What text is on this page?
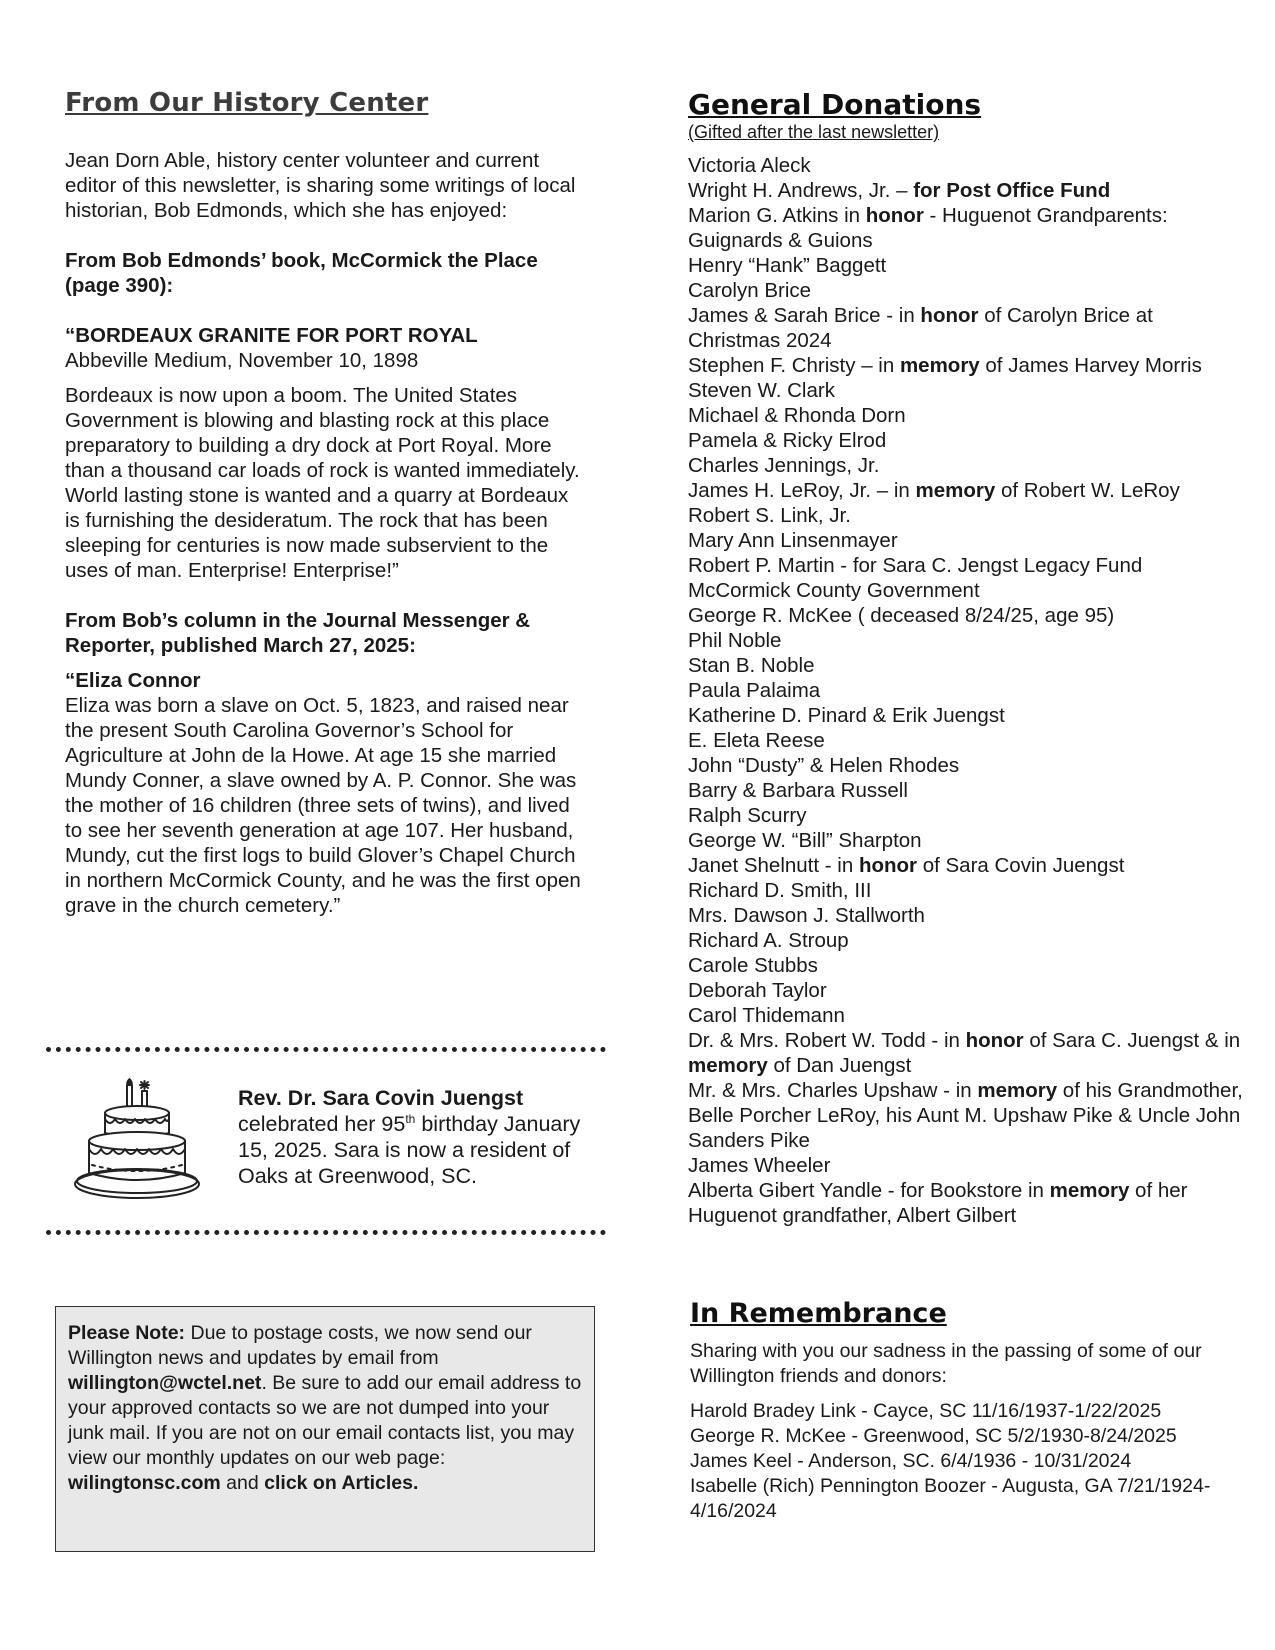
From Our History Center

Jean Dorn Able, history center volunteer and current editor of this newsletter, is sharing some writings of local historian, Bob Edmonds, which she has enjoyed:

From Bob Edmonds’ book, McCormick the Place (page 390):

“BORDEAUX GRANITE FOR PORT ROYAL

Abbeville Medium, November 10, 1898

Bordeaux is now upon a boom. The United States Government is blowing and blasting rock at this place preparatory to building a dry dock at Port Royal. More than a thousand car loads of rock is wanted immediately. World lasting stone is wanted and a quarry at Bordeaux is furnishing the desideratum. The rock that has been sleeping for centuries is now made subservient to the uses of man. Enterprise! Enterprise!”

From Bob’s column in the Journal Messenger & Reporter, published March 27, 2025:

“Eliza Connor

Eliza was born a slave on Oct. 5, 1823, and raised near the present South Carolina Governor’s School for Agriculture at John de la Howe. At age 15 she married Mundy Conner, a slave owned by A. P. Connor. She was the mother of 16 children (three sets of twins), and lived to see her seventh generation at age 107. Her husband, Mundy, cut the first logs to build Glover’s Chapel Church in northern McCormick County, and he was the first open grave in the church cemetery.”

Rev. Dr. Sara Covin Juengst

celebrated her 95th birthday January 15, 2025. Sara is now a resident of Oaks at Greenwood, SC.

Please Note: Due to postage costs, we now send our Willington news and updates by email from willington@wctel.net. Be sure to add our email address to your approved contacts so we are not dumped into your junk mail. If you are not on our email contacts list, you may view our monthly updates on our web page: wilingtonsc.com and click on Articles.

General Donations

(Gifted after the last newsletter)

Victoria Aleck
Wright H. Andrews, Jr. – for Post Office Fund
Marion G. Atkins in honor - Huguenot Grandparents: Guignards & Guions
Henry “Hank” Baggett
Carolyn Brice
James & Sarah Brice - in honor of Carolyn Brice at Christmas 2024
Stephen F. Christy – in memory of James Harvey Morris
Steven W. Clark
Michael & Rhonda Dorn
Pamela & Ricky Elrod
Charles Jennings, Jr.
James H. LeRoy, Jr. – in memory of Robert W. LeRoy
Robert S. Link, Jr.
Mary Ann Linsenmayer
Robert P. Martin - for Sara C. Jengst Legacy Fund
McCormick County Government
George R. McKee ( deceased 8/24/25, age 95)
Phil Noble
Stan B. Noble
Paula Palaima
Katherine D. Pinard & Erik Juengst
E. Eleta Reese
John “Dusty” & Helen Rhodes
Barry & Barbara Russell
Ralph Scurry
George W. “Bill” Sharpton
Janet Shelnutt - in honor of Sara Covin Juengst
Richard D. Smith, III
Mrs. Dawson J. Stallworth
Richard A. Stroup
Carole Stubbs
Deborah Taylor
Carol Thidemann
Dr. & Mrs. Robert W. Todd - in honor of Sara C. Juengst & in memory of Dan Juengst
Mr. & Mrs. Charles Upshaw - in memory of his Grandmother, Belle Porcher LeRoy, his Aunt M. Upshaw Pike & Uncle John Sanders Pike
James Wheeler
Alberta Gibert Yandle - for Bookstore in memory of her Huguenot grandfather, Albert Gilbert
In Remembrance

Sharing with you our sadness in the passing of some of our Willington friends and donors:

Harold Bradey Link - Cayce, SC 11/16/1937-1/22/2025
George R. McKee - Greenwood, SC 5/2/1930-8/24/2025
James Keel - Anderson, SC. 6/4/1936 - 10/31/2024
Isabelle (Rich) Pennington Boozer - Augusta, GA 7/21/1924-4/16/2024
